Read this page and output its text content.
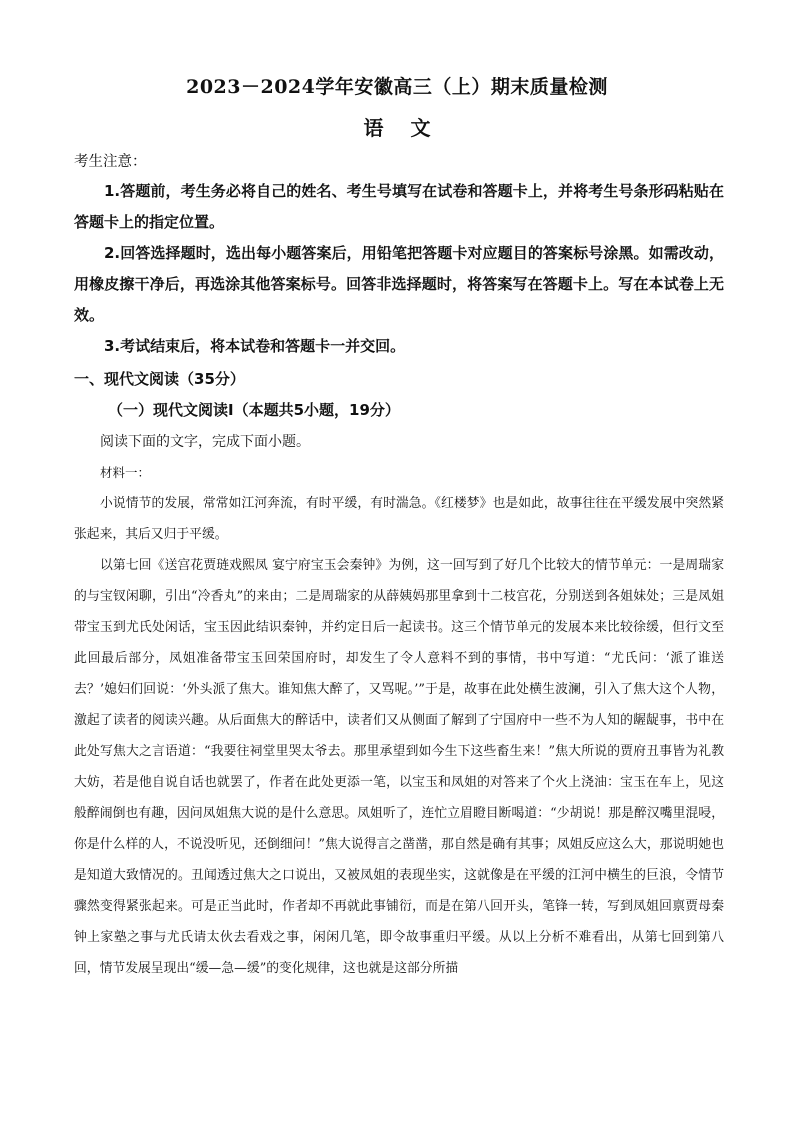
2023－2024学年安徽高三（上）期末质量检测
语 文
考生注意：

1.答题前，考生务必将自己的姓名、考生号填写在试卷和答题卡上，并将考生号条形码粘贴在答题卡上的指定位置。

2.回答选择题时，选出每小题答案后，用铅笔把答题卡对应题目的答案标号涂黑。如需改动，用橡皮擦干净后，再选涂其他答案标号。回答非选择题时，将答案写在答题卡上。写在本试卷上无效。

3.考试结束后，将本试卷和答题卡一并交回。

一、现代文阅读（35分）
（一）现代文阅读Ⅰ（本题共5小题，19分）
阅读下面的文字，完成下面小题。
材料一：

小说情节的发展，常常如江河奔流，有时平缓，有时湍急。《红楼梦》也是如此，故事往往在平缓发展中突然紧张起来，其后又归于平缓。

以第七回《送宫花贾琏戏熙凤 宴宁府宝玉会秦钟》为例，这一回写到了好几个比较大的情节单元：一是周瑞家的与宝钗闲聊，引出“冷香丸”的来由；二是周瑞家的从薛姨妈那里拿到十二枝宫花，分别送到各姐妹处；三是凤姐带宝玉到尤氏处闲话，宝玉因此结识秦钟，并约定日后一起读书。这三个情节单元的发展本来比较徐缓，但行文至此回最后部分，凤姐准备带宝玉回荣国府时，却发生了令人意料不到的事情，书中写道：“尤氏问：‘派了谁送去？’媳妇们回说：‘外头派了焦大。谁知焦大醉了，又骂呢。’”于是，故事在此处横生波澜，引入了焦大这个人物，激起了读者的阅读兴趣。从后面焦大的醉话中，读者们又从侧面了解到了宁国府中一些不为人知的龌龊事，书中在此处写焦大之言语道：“我要往祠堂里哭太爷去。那里承望到如今生下这些畜生来！”焦大所说的贾府丑事皆为礼教大妨，若是他自说自话也就罢了，作者在此处更添一笔，以宝玉和凤姐的对答来了个火上浇油：宝玉在车上，见这般醉闹倒也有趣，因问凤姐焦大说的是什么意思。凤姐听了，连忙立眉瞪目断喝道：“少胡说！那是醉汉嘴里混唚，你是什么样的人，不说没听见，还倒细问！”焦大说得言之凿凿，那自然是确有其事；凤姐反应这么大，那说明她也是知道大致情况的。丑闻透过焦大之口说出，又被凤姐的表现坐实，这就像是在平缓的江河中横生的巨浪，令情节骤然变得紧张起来。可是正当此时，作者却不再就此事铺衍，而是在第八回开头，笔锋一转，写到凤姐回禀贾母秦钟上家塾之事与尤氏请太伙去看戏之事，闲闲几笔，即令故事重归平缓。从以上分析不难看出，从第七回到第八回，情节发展呈现出“缓—急—缓”的变化规律，这也就是这部分所描
